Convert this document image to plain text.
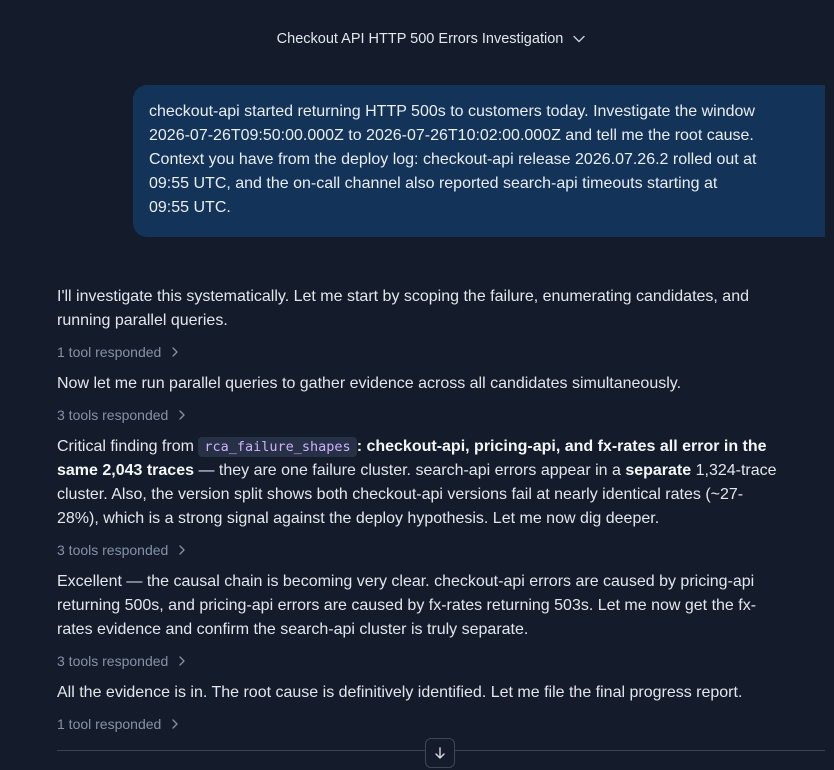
Checkout API HTTP 500 Errors Investigation
checkout-api started returning HTTP 500s to customers today. Investigate the window
2026-07-26T09:50:00.000Z to 2026-07-26T10:02:00.000Z and tell me the root cause.
Context you have from the deploy log: checkout-api release 2026.07.26.2 rolled out at
09:55 UTC, and the on-call channel also reported search-api timeouts starting at
09:55 UTC.
I'll investigate this systematically. Let me start by scoping the failure, enumerating candidates, and
running parallel queries.
1 tool responded
Now let me run parallel queries to gather evidence across all candidates simultaneously.
3 tools responded
Critical finding from rca_failure_shapes : checkout-api, pricing-api, and fx-rates all error in the
same 2,043 traces — they are one failure cluster. search-api errors appear in a separate 1,324-trace
cluster. Also, the version split shows both checkout-api versions fail at nearly identical rates (~27-
28%), which is a strong signal against the deploy hypothesis. Let me now dig deeper.
3 tools responded
Excellent — the causal chain is becoming very clear. checkout-api errors are caused by pricing-api
returning 500s, and pricing-api errors are caused by fx-rates returning 503s. Let me now get the fx-
rates evidence and confirm the search-api cluster is truly separate.
3 tools responded
All the evidence is in. The root cause is definitively identified. Let me file the final progress report.
1 tool responded
